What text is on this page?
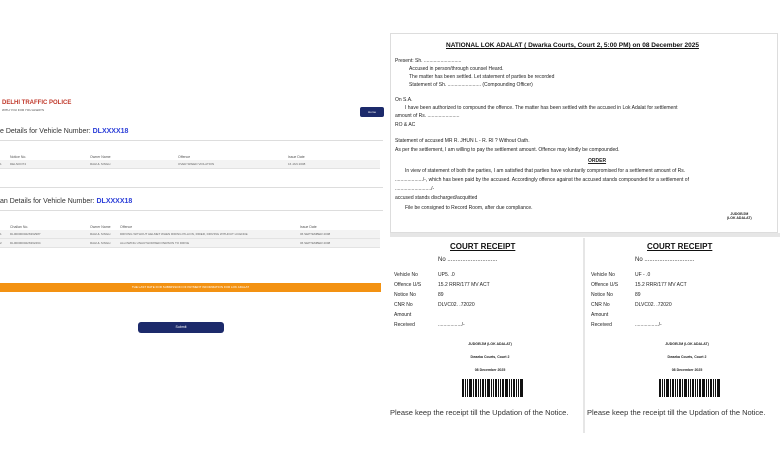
DELHI TRAFFIC POLICE
WITH YOU FOR YOU ALWAYS	Home
e Details for Vehicle Number: DLXXXX18
Notice No.	Owner Name	Offence	Issue Date
1	DELNOO74	RAHUL SINGH	OVER SPEED VIOLATION	16 JAN 2008
an Details for Vehicle Number: DLXXXX18
Challan No.	Owner Name	Offence	Issue Date
1	DL0000000226362987	RAHUL SINGH	DRIVING WITHOUT HELMET WHEN RIDING PILLION, RIDER, DRIVING WITHOUT LICENCE	06 SEPTEMBER 2008
2	DL0000000226362464	RAHUL SINGH	ALLOWING UNAUTHORISED PERSON TO DRIVE	06 SEPTEMBER 2008
THE LAST DATE FOR SUBMISSION OF PAYMENT INFORMATION FOR LOK ADALAT
Submit
NATIONAL LOK ADALAT ( Dwarka Courts, Court 2, 5:00 PM) on 08 December 2025
Present: Sh. ...........................
Accused in person/through counsel Heard.
The matter has been settled. Let statement of parties be recorded
Statement of Sh. ........................ (Compounding Officer)
On S.A.
I have been authorized to compound the offence. The matter has been settled with the accused in Lok Adalat for settlement
amount of Rs. .......................
RO & AC
Statement of accused MR R. JHUN L - R. RI ? Without Oath.
As per the settlement, I am willing to pay the settlement amount. Offence may kindly be compounded.
ORDER
In view of statement of both the parties, I am satisfied that parties have voluntarily compromised for a settlement amount of Rs.
..................../-, which has been paid by the accused. Accordingly offence against the accused stands compounded for a settlement of
........................../-
accused stands discharged/acquitted
File be consigned to Record Room, after due compliance.
JUDGE/JM
(LOK ADALAT)
COURT RECEIPT
No ..............................
Vehicle No	UP5. .0
Offence U/S	15.2 RRR/177 MV ACT
Notice No	89
CNR No	DLVC02. .72020
Amount
Received	................./-
JUDGE/JM (LOK ADALAT)
Dwarka Courts, Court 2
08 December 2025
Please keep the receipt till the Updation of the Notice.
COURT RECEIPT
No ..............................
Vehicle No	UF - .0
Offence U/S	15.2 RRR/177 MV ACT
Notice No	89
CNR No	DLVC02. .72020
Amount
Received	................./-
JUDGE/JM (LOK ADALAT)
Dwarka Courts, Court 2
08 December 2025
Please keep the receipt till the Updation of the Notice.
